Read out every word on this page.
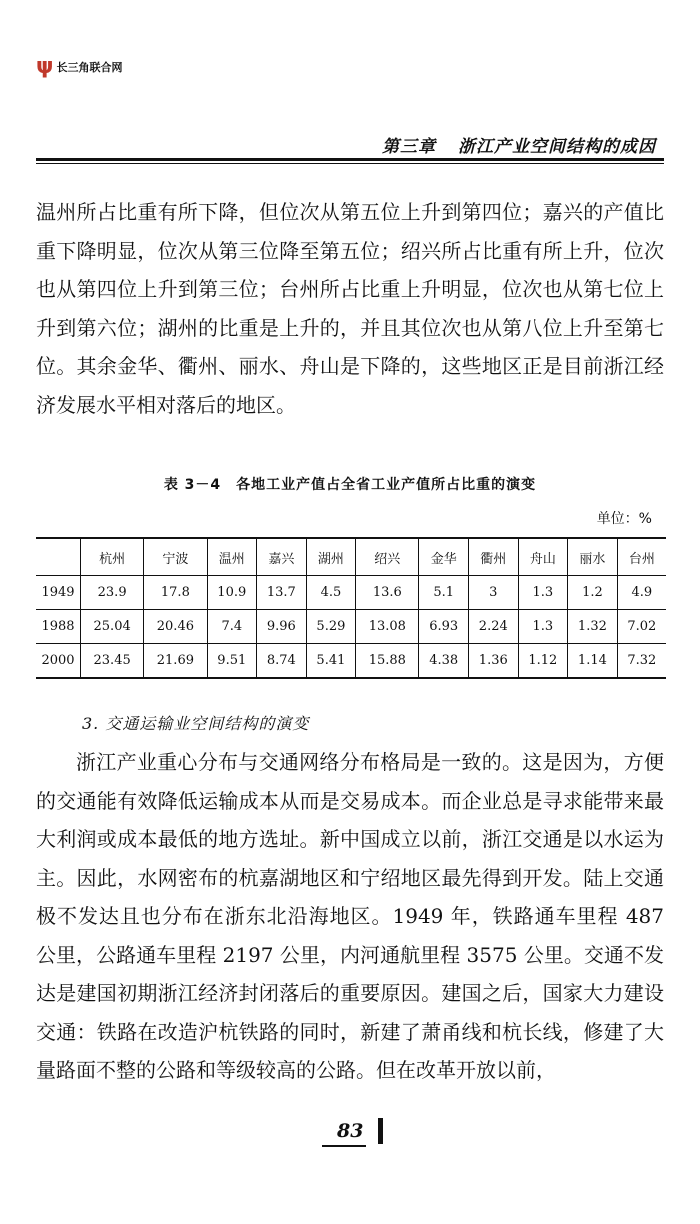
ψ 长三角联合网
第三章 浙江产业空间结构的成因
温州所占比重有所下降，但位次从第五位上升到第四位；嘉兴的产值比重下降明显，位次从第三位降至第五位；绍兴所占比重有所上升，位次也从第四位上升到第三位；台州所占比重上升明显，位次也从第七位上升到第六位；湖州的比重是上升的，并且其位次也从第八位上升至第七位。其余金华、衢州、丽水、舟山是下降的，这些地区正是目前浙江经济发展水平相对落后的地区。
表 3－4　各地工业产值占全省工业产值所占比重的演变
单位：%
	杭州	宁波	温州	嘉兴	湖州	绍兴	金华	衢州	舟山	丽水	台州
1949	23.9	17.8	10.9	13.7	4.5	13.6	5.1	3	1.3	1.2	4.9
1988	25.04	20.46	7.4	9.96	5.29	13.08	6.93	2.24	1.3	1.32	7.02
2000	23.45	21.69	9.51	8.74	5.41	15.88	4.38	1.36	1.12	1.14	7.32
3. 交通运输业空间结构的演变
浙江产业重心分布与交通网络分布格局是一致的。这是因为，方便的交通能有效降低运输成本从而是交易成本。而企业总是寻求能带来最大利润或成本最低的地方选址。新中国成立以前，浙江交通是以水运为主。因此，水网密布的杭嘉湖地区和宁绍地区最先得到开发。陆上交通极不发达且也分布在浙东北沿海地区。1949 年，铁路通车里程 487 公里，公路通车里程 2197 公里，内河通航里程 3575 公里。交通不发达是建国初期浙江经济封闭落后的重要原因。建国之后，国家大力建设交通：铁路在改造沪杭铁路的同时，新建了萧甬线和杭长线，修建了大量路面不整的公路和等级较高的公路。但在改革开放以前，
83
